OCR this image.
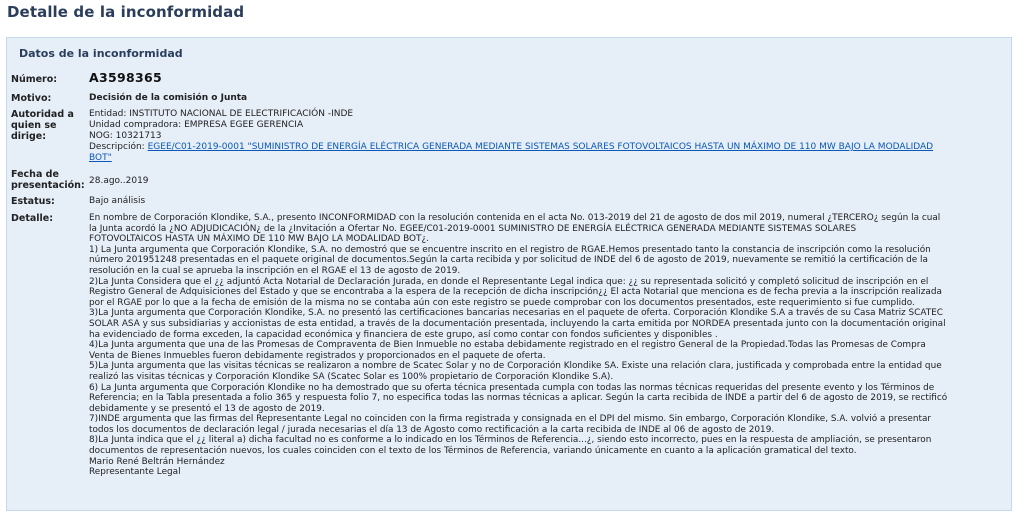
Detalle de la inconformidad
Datos de la inconformidad
Número:	A3598365
Motivo:	Decisión de la comisión o Junta
Autoridad a
quien se
dirige:
Entidad: INSTITUTO NACIONAL DE ELECTRIFICACIÓN -INDE
Unidad compradora: EMPRESA EGEE GERENCIA
NOG: 10321713
Descripción: EGEE/C01-2019-0001 "SUMINISTRO DE ENERGÍA ELÉCTRICA GENERADA MEDIANTE SISTEMAS SOLARES FOTOVOLTAICOS HASTA UN MÁXIMO DE 110 MW BAJO LA MODALIDAD
BOT"
Fecha de
presentación: 28.ago..2019
Estatus:	Bajo análisis
Detalle:	En nombre de Corporación Klondike, S.A., presento INCONFORMIDAD con la resolución contenida en el acta No. 013-2019 del 21 de agosto de dos mil 2019, numeral ¿TERCERO¿ según la cual
la Junta acordó la ¿NO ADJUDICACIÓN¿ de la ¿Invitación a Ofertar No. EGEE/C01-2019-0001 SUMINISTRO DE ENERGÍA ELÉCTRICA GENERADA MEDIANTE SISTEMAS SOLARES
FOTOVOLTAICOS HASTA UN MÁXIMO DE 110 MW BAJO LA MODALIDAD BOT¿.
1) La Junta argumenta que Corporación Klondike, S.A. no demostró que se encuentre inscrito en el registro de RGAE.Hemos presentado tanto la constancia de inscripción como la resolución
número 201951248 presentadas en el paquete original de documentos.Según la carta recibida y por solicitud de INDE del 6 de agosto de 2019, nuevamente se remitió la certificación de la
resolución en la cual se aprueba la inscripción en el RGAE el 13 de agosto de 2019.
2)La Junta Considera que el ¿¿ adjuntó Acta Notarial de Declaración Jurada, en donde el Representante Legal indica que: ¿¿ su representada solicitó y completó solicitud de inscripción en el
Registro General de Adquisiciones del Estado y que se encontraba a la espera de la recepción de dicha inscripción¿¿ El acta Notarial que menciona es de fecha previa a la inscripción realizada
por el RGAE por lo que a la fecha de emisión de la misma no se contaba aún con este registro se puede comprobar con los documentos presentados, este requerimiento si fue cumplido.
3)La Junta argumenta que Corporación Klondike, S.A. no presentó las certificaciones bancarias necesarias en el paquete de oferta. Corporación Klondike S.A a través de su Casa Matriz SCATEC
SOLAR ASA y sus subsidiarias y accionistas de esta entidad, a través de la documentación presentada, incluyendo la carta emitida por NORDEA presentada junto con la documentación original
ha evidenciado de forma exceden, la capacidad económica y financiera de este grupo, así como contar con fondos suficientes y disponibles .
4)La Junta argumenta que una de las Promesas de Compraventa de Bien Inmueble no estaba debidamente registrado en el registro General de la Propiedad.Todas las Promesas de Compra
Venta de Bienes Inmuebles fueron debidamente registrados y proporcionados en el paquete de oferta.
5)La Junta argumenta que las visitas técnicas se realizaron a nombre de Scatec Solar y no de Corporación Klondike SA. Existe una relación clara, justificada y comprobada entre la entidad que
realizó las visitas técnicas y Corporación Klondike SA (Scatec Solar es 100% propietario de Corporación Klondike S.A).
6) La Junta argumenta que Corporación Klondike no ha demostrado que su oferta técnica presentada cumpla con todas las normas técnicas requeridas del presente evento y los Términos de
Referencia; en la Tabla presentada a folio 365 y respuesta folio 7, no especifica todas las normas técnicas a aplicar. Según la carta recibida de INDE a partir del 6 de agosto de 2019, se rectificó
debidamente y se presentó el 13 de agosto de 2019.
7)INDE argumenta que las firmas del Representante Legal no coinciden con la firma registrada y consignada en el DPI del mismo. Sin embargo, Corporación Klondike, S.A. volvió a presentar
todos los documentos de declaración legal / jurada necesarias el día 13 de Agosto como rectificación a la carta recibida de INDE al 06 de agosto de 2019.
8)La Junta indica que el ¿¿ literal a) dicha facultad no es conforme a lo indicado en los Términos de Referencia...¿, siendo esto incorrecto, pues en la respuesta de ampliación, se presentaron
documentos de representación nuevos, los cuales coinciden con el texto de los Términos de Referencia, variando únicamente en cuanto a la aplicación gramatical del texto.
Mario René Beltrán Hernández
Representante Legal
